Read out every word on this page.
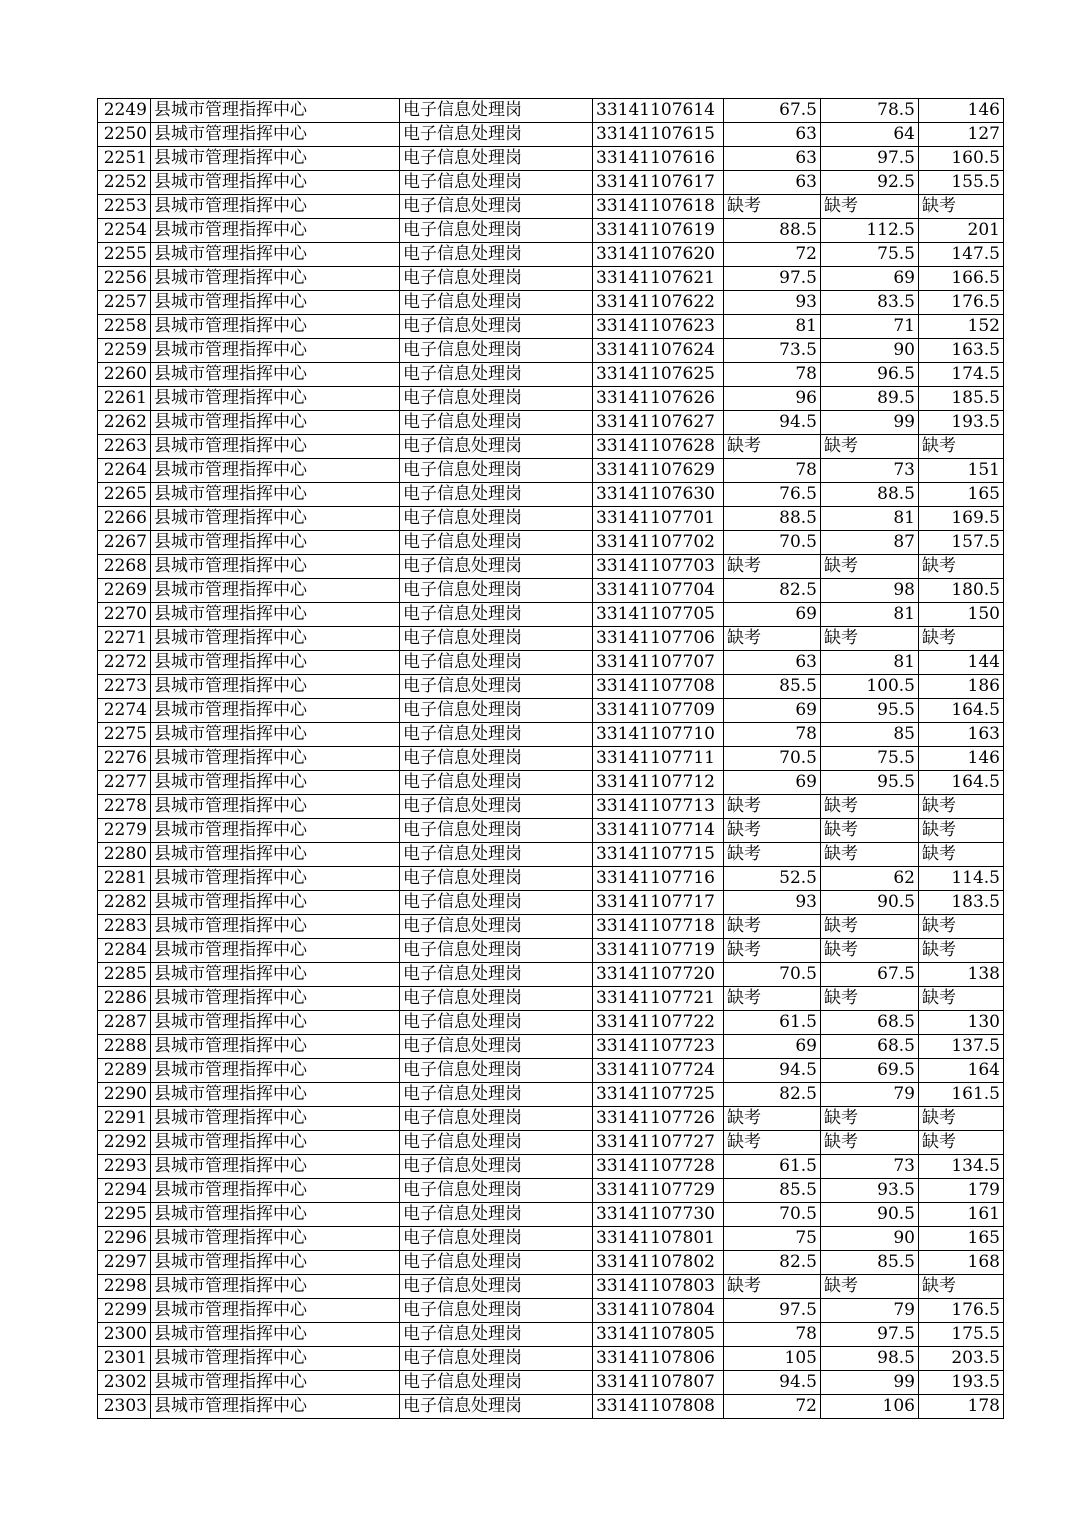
2249	县城市管理指挥中心	电子信息处理岗	33141107614	67.5	78.5	146
2250	县城市管理指挥中心	电子信息处理岗	33141107615	63	64	127
2251	县城市管理指挥中心	电子信息处理岗	33141107616	63	97.5	160.5
2252	县城市管理指挥中心	电子信息处理岗	33141107617	63	92.5	155.5
2253	县城市管理指挥中心	电子信息处理岗	33141107618	缺考	缺考	缺考
2254	县城市管理指挥中心	电子信息处理岗	33141107619	88.5	112.5	201
2255	县城市管理指挥中心	电子信息处理岗	33141107620	72	75.5	147.5
2256	县城市管理指挥中心	电子信息处理岗	33141107621	97.5	69	166.5
2257	县城市管理指挥中心	电子信息处理岗	33141107622	93	83.5	176.5
2258	县城市管理指挥中心	电子信息处理岗	33141107623	81	71	152
2259	县城市管理指挥中心	电子信息处理岗	33141107624	73.5	90	163.5
2260	县城市管理指挥中心	电子信息处理岗	33141107625	78	96.5	174.5
2261	县城市管理指挥中心	电子信息处理岗	33141107626	96	89.5	185.5
2262	县城市管理指挥中心	电子信息处理岗	33141107627	94.5	99	193.5
2263	县城市管理指挥中心	电子信息处理岗	33141107628	缺考	缺考	缺考
2264	县城市管理指挥中心	电子信息处理岗	33141107629	78	73	151
2265	县城市管理指挥中心	电子信息处理岗	33141107630	76.5	88.5	165
2266	县城市管理指挥中心	电子信息处理岗	33141107701	88.5	81	169.5
2267	县城市管理指挥中心	电子信息处理岗	33141107702	70.5	87	157.5
2268	县城市管理指挥中心	电子信息处理岗	33141107703	缺考	缺考	缺考
2269	县城市管理指挥中心	电子信息处理岗	33141107704	82.5	98	180.5
2270	县城市管理指挥中心	电子信息处理岗	33141107705	69	81	150
2271	县城市管理指挥中心	电子信息处理岗	33141107706	缺考	缺考	缺考
2272	县城市管理指挥中心	电子信息处理岗	33141107707	63	81	144
2273	县城市管理指挥中心	电子信息处理岗	33141107708	85.5	100.5	186
2274	县城市管理指挥中心	电子信息处理岗	33141107709	69	95.5	164.5
2275	县城市管理指挥中心	电子信息处理岗	33141107710	78	85	163
2276	县城市管理指挥中心	电子信息处理岗	33141107711	70.5	75.5	146
2277	县城市管理指挥中心	电子信息处理岗	33141107712	69	95.5	164.5
2278	县城市管理指挥中心	电子信息处理岗	33141107713	缺考	缺考	缺考
2279	县城市管理指挥中心	电子信息处理岗	33141107714	缺考	缺考	缺考
2280	县城市管理指挥中心	电子信息处理岗	33141107715	缺考	缺考	缺考
2281	县城市管理指挥中心	电子信息处理岗	33141107716	52.5	62	114.5
2282	县城市管理指挥中心	电子信息处理岗	33141107717	93	90.5	183.5
2283	县城市管理指挥中心	电子信息处理岗	33141107718	缺考	缺考	缺考
2284	县城市管理指挥中心	电子信息处理岗	33141107719	缺考	缺考	缺考
2285	县城市管理指挥中心	电子信息处理岗	33141107720	70.5	67.5	138
2286	县城市管理指挥中心	电子信息处理岗	33141107721	缺考	缺考	缺考
2287	县城市管理指挥中心	电子信息处理岗	33141107722	61.5	68.5	130
2288	县城市管理指挥中心	电子信息处理岗	33141107723	69	68.5	137.5
2289	县城市管理指挥中心	电子信息处理岗	33141107724	94.5	69.5	164
2290	县城市管理指挥中心	电子信息处理岗	33141107725	82.5	79	161.5
2291	县城市管理指挥中心	电子信息处理岗	33141107726	缺考	缺考	缺考
2292	县城市管理指挥中心	电子信息处理岗	33141107727	缺考	缺考	缺考
2293	县城市管理指挥中心	电子信息处理岗	33141107728	61.5	73	134.5
2294	县城市管理指挥中心	电子信息处理岗	33141107729	85.5	93.5	179
2295	县城市管理指挥中心	电子信息处理岗	33141107730	70.5	90.5	161
2296	县城市管理指挥中心	电子信息处理岗	33141107801	75	90	165
2297	县城市管理指挥中心	电子信息处理岗	33141107802	82.5	85.5	168
2298	县城市管理指挥中心	电子信息处理岗	33141107803	缺考	缺考	缺考
2299	县城市管理指挥中心	电子信息处理岗	33141107804	97.5	79	176.5
2300	县城市管理指挥中心	电子信息处理岗	33141107805	78	97.5	175.5
2301	县城市管理指挥中心	电子信息处理岗	33141107806	105	98.5	203.5
2302	县城市管理指挥中心	电子信息处理岗	33141107807	94.5	99	193.5
2303	县城市管理指挥中心	电子信息处理岗	33141107808	72	106	178
